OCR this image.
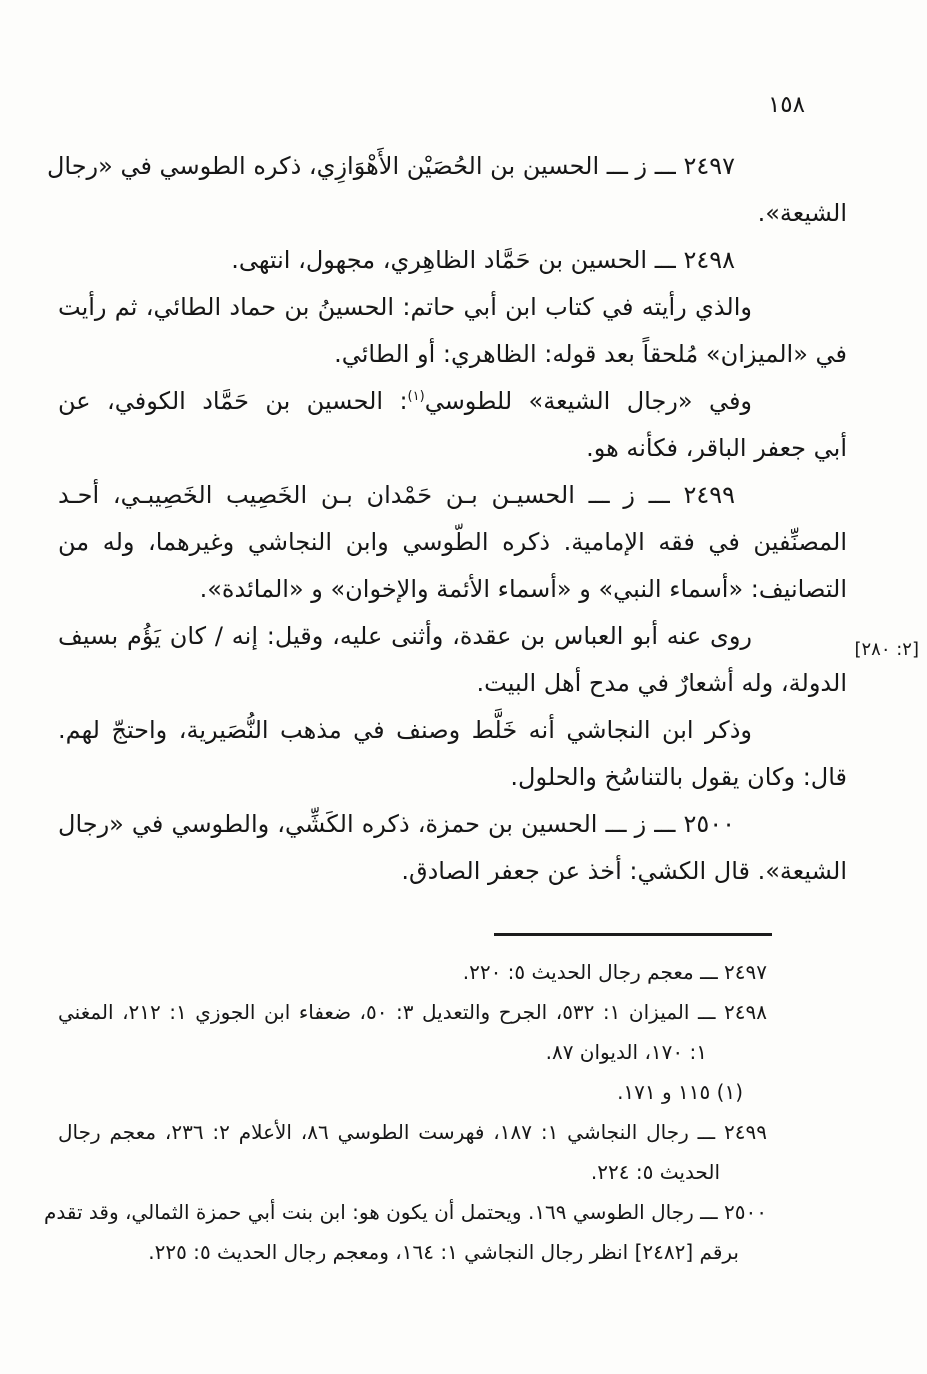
١٥٨
[٢: ٢٨٠]
٢٤٩٧ ـــ ز ـــ الحسين بن الحُصَيْن الأَهْوَازِي، ذكره الطوسي في «رجال
الشيعة».
٢٤٩٨ ـــ الحسين بن حَمَّاد الظاهِري، مجهول، انتهى.
والذي رأيته في كتاب ابن أبي حاتم: الحسينُ بن حماد الطائي، ثم رأيت
في «الميزان» مُلحقاً بعد قوله: الظاهري: أو الطائي.
وفي «رجال الشيعة» للطوسي$^{(١)}$: الحسين بن حَمَّاد الكوفي، عن
أبي جعفر الباقر، فكأنه هو.
٢٤٩٩ ـــ ز ـــ الحسيـن بـن حَمْدان بـن الخَصِيب الخَصِيبـي، أحـد
المصنِّفين في فقه الإمامية. ذكره الطّوسي وابن النجاشي وغيرهما، وله من
التصانيف: «أسماء النبي» و «أسماء الأئمة والإخوان» و «المائدة».
روى عنه أبو العباس بن عقدة، وأثنى عليه، وقيل: إنه / كان يَؤُم بسيف
الدولة، وله أشعارٌ في مدح أهل البيت.
وذكر ابن النجاشي أنه خَلَّط وصنف في مذهب النُّصَيرية، واحتجّ لهم.
قال: وكان يقول بالتناسُخ والحلول.
٢٥٠٠ ـــ ز ـــ الحسين بن حمزة، ذكره الكَشِّي، والطوسي في «رجال
الشيعة». قال الكشي: أخذ عن جعفر الصادق.
٢٤٩٧ ـــ معجم رجال الحديث ٥: ٢٢٠.
٢٤٩٨ ـــ الميزان ١: ٥٣٢، الجرح والتعديل ٣: ٥٠، ضعفاء ابن الجوزي ١: ٢١٢، المغني
١: ١٧٠، الديوان ٨٧.
(١) ١١٥ و ١٧١.
٢٤٩٩ ـــ رجال النجاشي ١: ١٨٧، فهرست الطوسي ٨٦، الأعلام ٢: ٢٣٦، معجم رجال
الحديث ٥: ٢٢٤.
٢٥٠٠ ـــ رجال الطوسي ١٦٩. ويحتمل أن يكون هو: ابن بنت أبي حمزة الثمالي، وقد تقدم
برقم [٢٤٨٢] انظر رجال النجاشي ١: ١٦٤، ومعجم رجال الحديث ٥: ٢٢٥.
